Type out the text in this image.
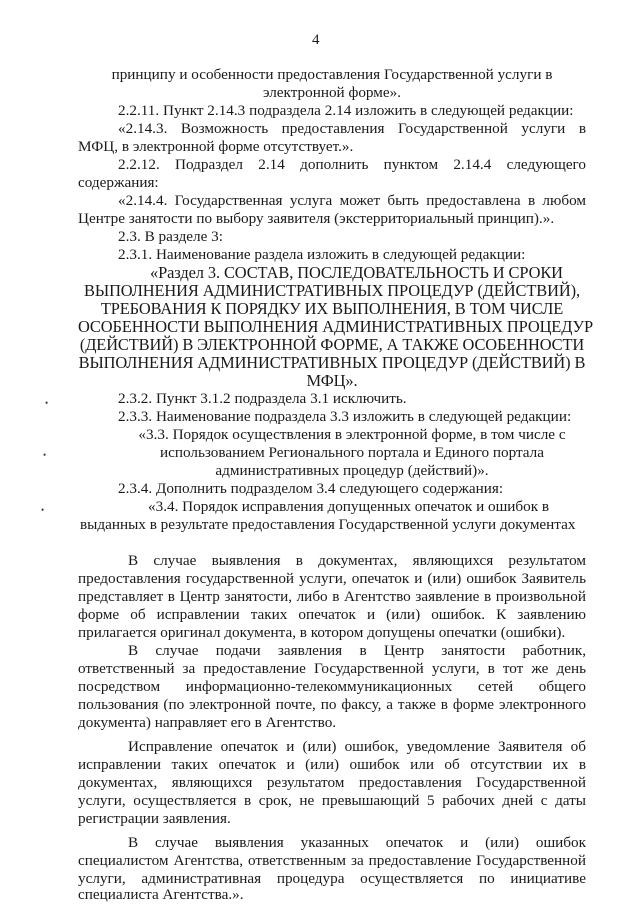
4
•
•
•
принципу и особенности предоставления Государственной услуги в
электронной форме».
2.2.11. Пункт 2.14.3 подраздела 2.14 изложить в следующей редакции:
«2.14.3. Возможность предоставления Государственной услуги в
МФЦ, в электронной форме отсутствует.».
2.2.12. Подраздел 2.14 дополнить пунктом 2.14.4 следующего
содержания:
«2.14.4. Государственная услуга может быть предоставлена в любом
Центре занятости по выбору заявителя (экстерриториальный принцип).».
2.3. В разделе 3:
2.3.1. Наименование раздела изложить в следующей редакции:
«Раздел 3. СОСТАВ, ПОСЛЕДОВАТЕЛЬНОСТЬ И СРОКИ
ВЫПОЛНЕНИЯ АДМИНИСТРАТИВНЫХ ПРОЦЕДУР (ДЕЙСТВИЙ),
ТРЕБОВАНИЯ К ПОРЯДКУ ИХ ВЫПОЛНЕНИЯ, В ТОМ ЧИСЛЕ
ОСОБЕННОСТИ ВЫПОЛНЕНИЯ АДМИНИСТРАТИВНЫХ ПРОЦЕДУР
(ДЕЙСТВИЙ) В ЭЛЕКТРОННОЙ ФОРМЕ, А ТАКЖЕ ОСОБЕННОСТИ
ВЫПОЛНЕНИЯ АДМИНИСТРАТИВНЫХ ПРОЦЕДУР (ДЕЙСТВИЙ) В
МФЦ».
2.3.2. Пункт 3.1.2 подраздела 3.1 исключить.
2.3.3. Наименование подраздела 3.3 изложить в следующей редакции:
«3.3. Порядок осуществления в электронной форме, в том числе с
использованием Регионального портала и Единого портала
административных процедур (действий)».
2.3.4. Дополнить подразделом 3.4 следующего содержания:
«3.4. Порядок исправления допущенных опечаток и ошибок в
выданных в результате предоставления Государственной услуги документах
В случае выявления в документах, являющихся результатом
предоставления государственной услуги, опечаток и (или) ошибок Заявитель
представляет в Центр занятости, либо в Агентство заявление в произвольной
форме об исправлении таких опечаток и (или) ошибок. К заявлению
прилагается оригинал документа, в котором допущены опечатки (ошибки).
В случае подачи заявления в Центр занятости работник,
ответственный за предоставление Государственной услуги, в тот же день
посредством информационно-телекоммуникационных сетей общего
пользования (по электронной почте, по факсу, а также в форме электронного
документа) направляет его в Агентство.
Исправление опечаток и (или) ошибок, уведомление Заявителя об
исправлении таких опечаток и (или) ошибок или об отсутствии их в
документах, являющихся результатом предоставления Государственной
услуги, осуществляется в срок, не превышающий 5 рабочих дней с даты
регистрации заявления.
В случае выявления указанных опечаток и (или) ошибок
специалистом Агентства, ответственным за предоставление Государственной
услуги, административная процедура осуществляется по инициативе
специалиста Агентства.».
